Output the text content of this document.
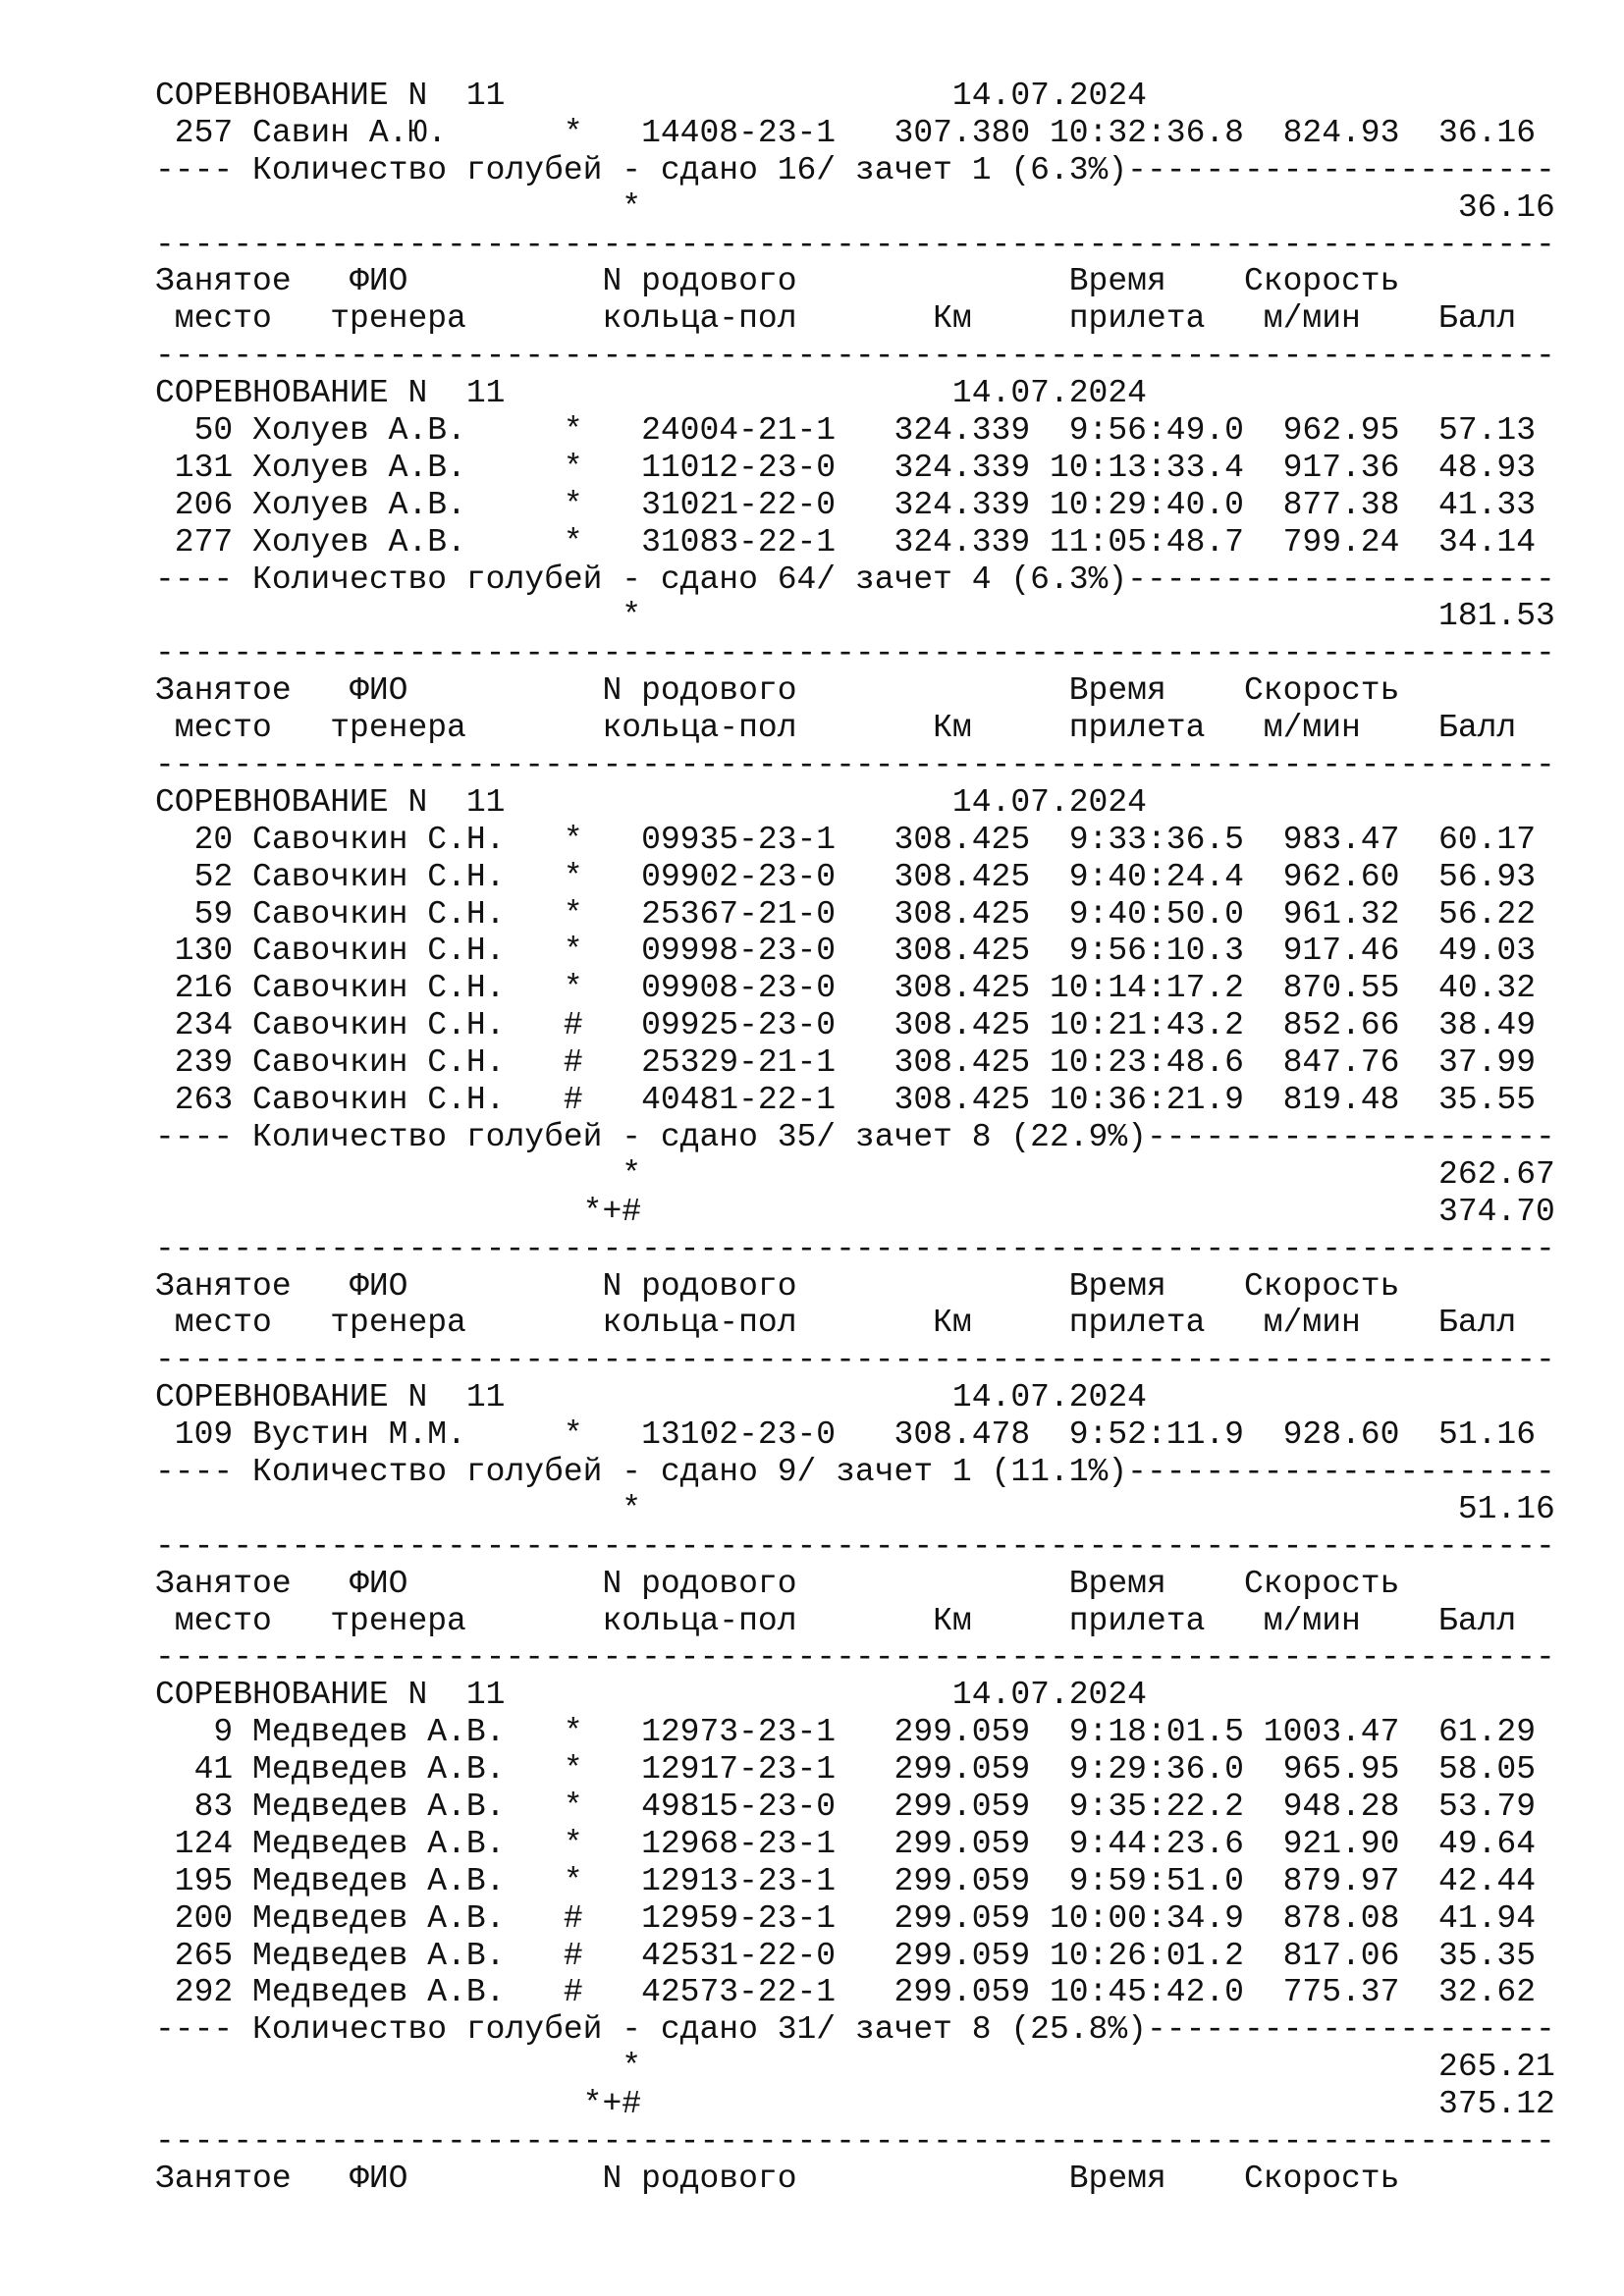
СОРЕВНОВАНИЕ N  11                       14.07.2024
257 Савин А.Ю.      *   14408-23-1   307.380 10:32:36.8  824.93  36.16
---- Количество голубей - сдано 16/ зачет 1 (6.3%)----------------------
*                                          36.16
------------------------------------------------------------------------
Занятое   ФИО          N родового              Время    Скорость
место   тренера       кольца-пол       Км     прилета   м/мин    Балл
------------------------------------------------------------------------
СОРЕВНОВАНИЕ N  11                       14.07.2024
50 Холуев А.В.     *   24004-21-1   324.339  9:56:49.0  962.95  57.13
131 Холуев А.В.     *   11012-23-0   324.339 10:13:33.4  917.36  48.93
206 Холуев А.В.     *   31021-22-0   324.339 10:29:40.0  877.38  41.33
277 Холуев А.В.     *   31083-22-1   324.339 11:05:48.7  799.24  34.14
---- Количество голубей - сдано 64/ зачет 4 (6.3%)----------------------
*                                         181.53
------------------------------------------------------------------------
Занятое   ФИО          N родового              Время    Скорость
место   тренера       кольца-пол       Км     прилета   м/мин    Балл
------------------------------------------------------------------------
СОРЕВНОВАНИЕ N  11                       14.07.2024
20 Савочкин С.Н.   *   09935-23-1   308.425  9:33:36.5  983.47  60.17
52 Савочкин С.Н.   *   09902-23-0   308.425  9:40:24.4  962.60  56.93
59 Савочкин С.Н.   *   25367-21-0   308.425  9:40:50.0  961.32  56.22
130 Савочкин С.Н.   *   09998-23-0   308.425  9:56:10.3  917.46  49.03
216 Савочкин С.Н.   *   09908-23-0   308.425 10:14:17.2  870.55  40.32
234 Савочкин С.Н.   #   09925-23-0   308.425 10:21:43.2  852.66  38.49
239 Савочкин С.Н.   #   25329-21-1   308.425 10:23:48.6  847.76  37.99
263 Савочкин С.Н.   #   40481-22-1   308.425 10:36:21.9  819.48  35.55
---- Количество голубей - сдано 35/ зачет 8 (22.9%)---------------------
*                                         262.67
*+#                                         374.70
------------------------------------------------------------------------
Занятое   ФИО          N родового              Время    Скорость
место   тренера       кольца-пол       Км     прилета   м/мин    Балл
------------------------------------------------------------------------
СОРЕВНОВАНИЕ N  11                       14.07.2024
109 Вустин М.М.     *   13102-23-0   308.478  9:52:11.9  928.60  51.16
---- Количество голубей - сдано 9/ зачет 1 (11.1%)----------------------
*                                          51.16
------------------------------------------------------------------------
Занятое   ФИО          N родового              Время    Скорость
место   тренера       кольца-пол       Км     прилета   м/мин    Балл
------------------------------------------------------------------------
СОРЕВНОВАНИЕ N  11                       14.07.2024
9 Медведев А.В.   *   12973-23-1   299.059  9:18:01.5 1003.47  61.29
41 Медведев А.В.   *   12917-23-1   299.059  9:29:36.0  965.95  58.05
83 Медведев А.В.   *   49815-23-0   299.059  9:35:22.2  948.28  53.79
124 Медведев А.В.   *   12968-23-1   299.059  9:44:23.6  921.90  49.64
195 Медведев А.В.   *   12913-23-1   299.059  9:59:51.0  879.97  42.44
200 Медведев А.В.   #   12959-23-1   299.059 10:00:34.9  878.08  41.94
265 Медведев А.В.   #   42531-22-0   299.059 10:26:01.2  817.06  35.35
292 Медведев А.В.   #   42573-22-1   299.059 10:45:42.0  775.37  32.62
---- Количество голубей - сдано 31/ зачет 8 (25.8%)---------------------
*                                         265.21
*+#                                         375.12
------------------------------------------------------------------------
Занятое   ФИО          N родового              Время    Скорость
